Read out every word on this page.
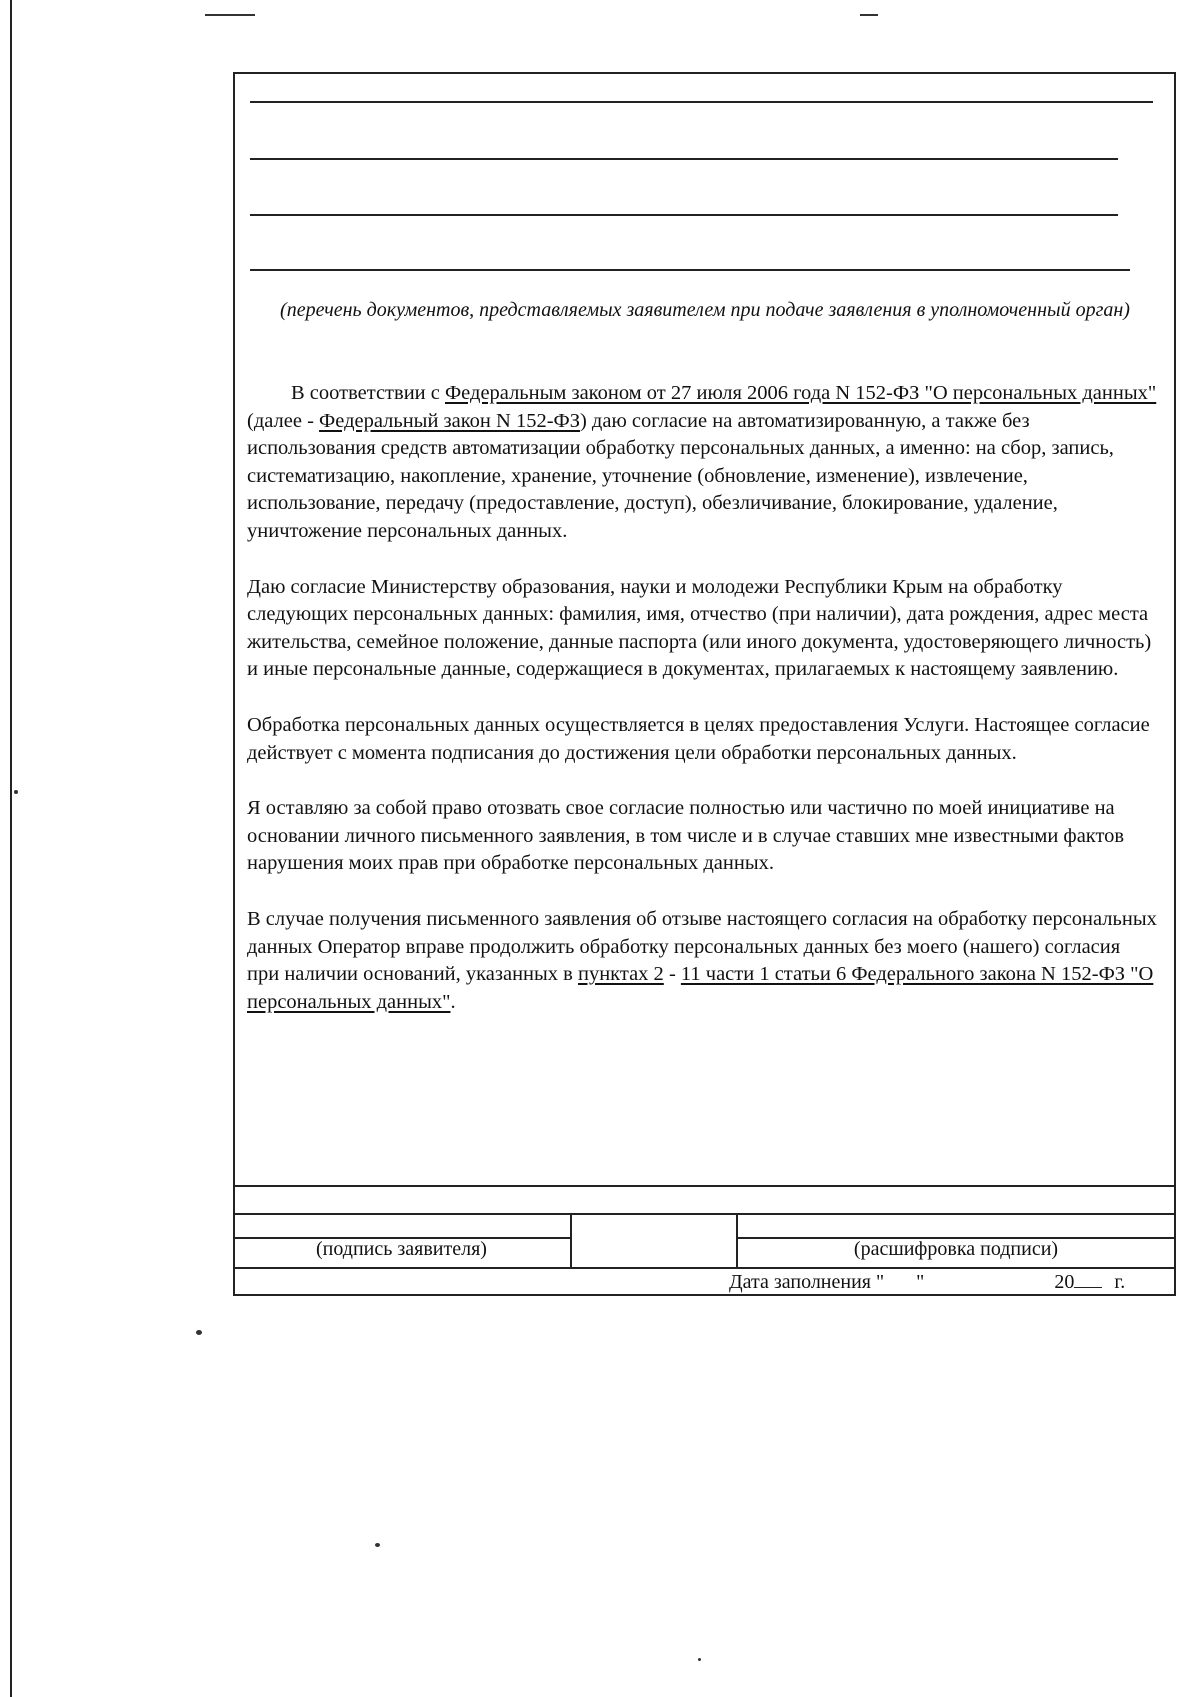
(перечень документов, представляемых заявителем при подаче заявления в уполномоченный орган)

В соответствии с Федеральным законом от 27 июля 2006 года N 152-ФЗ "О персональных данных" (далее - Федеральный закон N 152-ФЗ) даю согласие на автоматизированную, а также без использования средств автоматизации обработку персональных данных, а именно: на сбор, запись, систематизацию, накопление, хранение, уточнение (обновление, изменение), извлечение, использование, передачу (предоставление, доступ), обезличивание, блокирование, удаление, уничтожение персональных данных.

Даю согласие Министерству образования, науки и молодежи Республики Крым на обработку следующих персональных данных: фамилия, имя, отчество (при наличии), дата рождения, адрес места жительства, семейное положение, данные паспорта (или иного документа, удостоверяющего личность) и иные персональные данные, содержащиеся в документах, прилагаемых к настоящему заявлению.

Обработка персональных данных осуществляется в целях предоставления Услуги. Настоящее согласие действует с момента подписания до достижения цели обработки персональных данных.

Я оставляю за собой право отозвать свое согласие полностью или частично по моей инициативе на основании личного письменного заявления, в том числе и в случае ставших мне известными фактов нарушения моих прав при обработке персональных данных.

В случае получения письменного заявления об отзыве настоящего согласия на обработку персональных данных Оператор вправе продолжить обработку персональных данных без моего (нашего) согласия при наличии оснований, указанных в пунктах 2 - 11 части 1 статьи 6 Федерального закона N 152-ФЗ "О персональных данных".

(подпись заявителя)	(расшифровка подписи)
Дата заполнения " "	20 г.
